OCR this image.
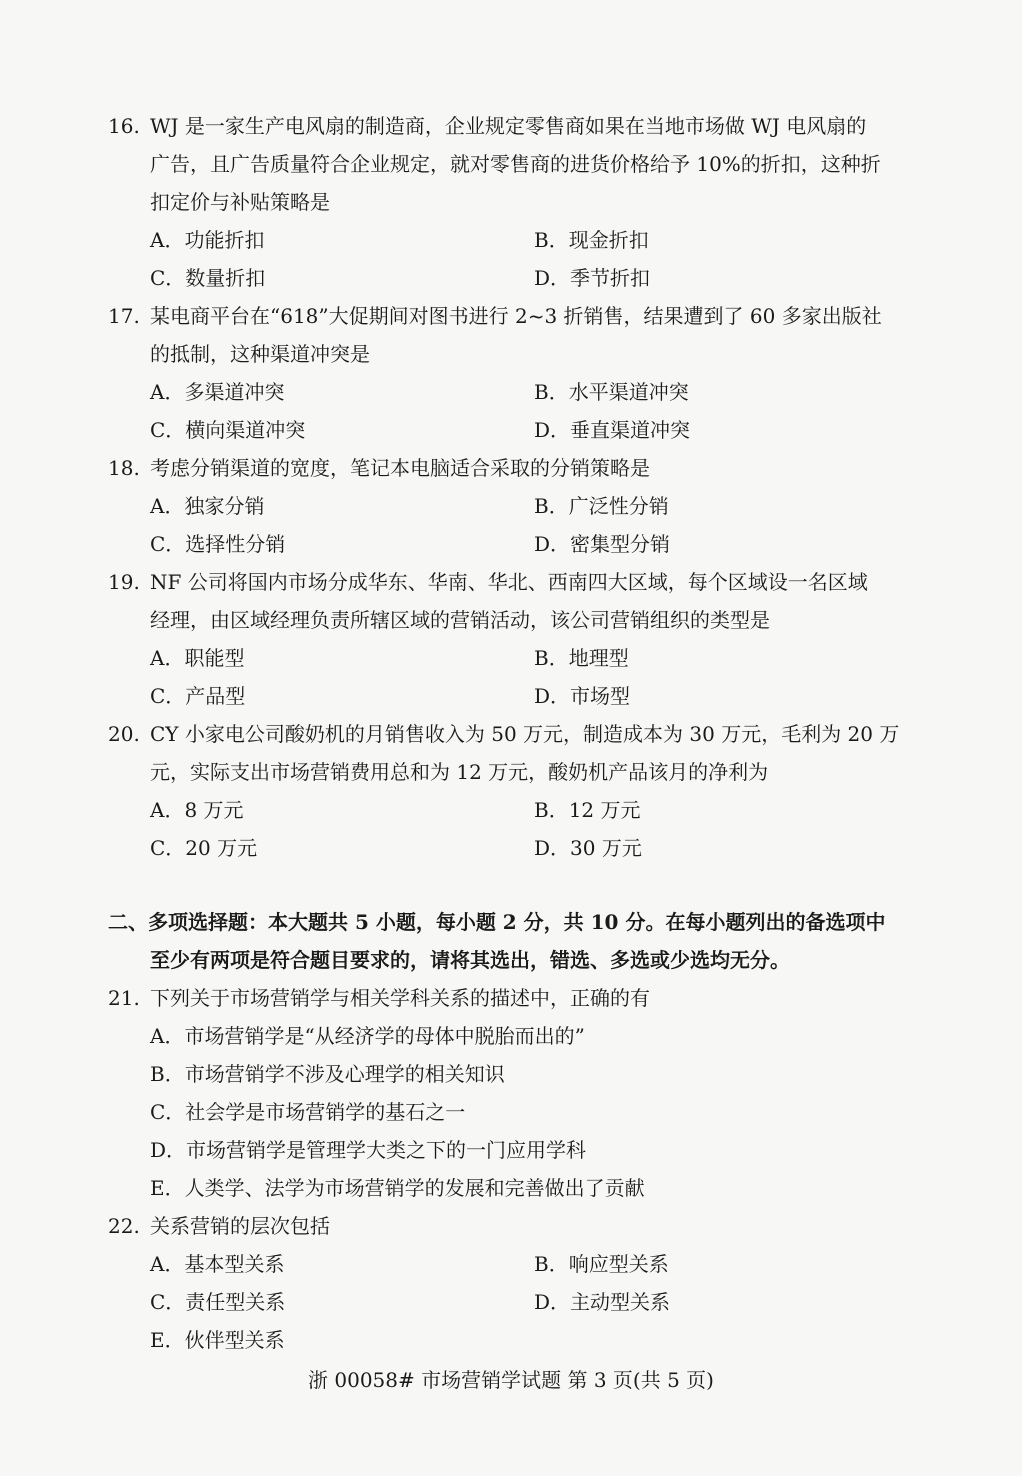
16. WJ 是一家生产电风扇的制造商，企业规定零售商如果在当地市场做 WJ 电风扇的
广告，且广告质量符合企业规定，就对零售商的进货价格给予 10%的折扣，这种折
扣定价与补贴策略是
A．功能折扣	B．现金折扣
C．数量折扣	D．季节折扣
17. 某电商平台在“618”大促期间对图书进行 2~3 折销售，结果遭到了 60 多家出版社
的抵制，这种渠道冲突是
A．多渠道冲突	B．水平渠道冲突
C．横向渠道冲突	D．垂直渠道冲突
18. 考虑分销渠道的宽度，笔记本电脑适合采取的分销策略是
A．独家分销	B．广泛性分销
C．选择性分销	D．密集型分销
19. NF 公司将国内市场分成华东、华南、华北、西南四大区域，每个区域设一名区域
经理，由区域经理负责所辖区域的营销活动，该公司营销组织的类型是
A．职能型	B．地理型
C．产品型	D．市场型
20. CY 小家电公司酸奶机的月销售收入为 50 万元，制造成本为 30 万元，毛利为 20 万
元，实际支出市场营销费用总和为 12 万元，酸奶机产品该月的净利为
A．8 万元	B．12 万元
C．20 万元	D．30 万元
二、多项选择题：本大题共 5 小题，每小题 2 分，共 10 分。在每小题列出的备选项中
至少有两项是符合题目要求的，请将其选出，错选、多选或少选均无分。
21. 下列关于市场营销学与相关学科关系的描述中，正确的有
A．市场营销学是“从经济学的母体中脱胎而出的”
B．市场营销学不涉及心理学的相关知识
C．社会学是市场营销学的基石之一
D．市场营销学是管理学大类之下的一门应用学科
E．人类学、法学为市场营销学的发展和完善做出了贡献
22. 关系营销的层次包括
A．基本型关系	B．响应型关系
C．责任型关系	D．主动型关系
E．伙伴型关系
浙 00058# 市场营销学试题 第 3 页(共 5 页)
